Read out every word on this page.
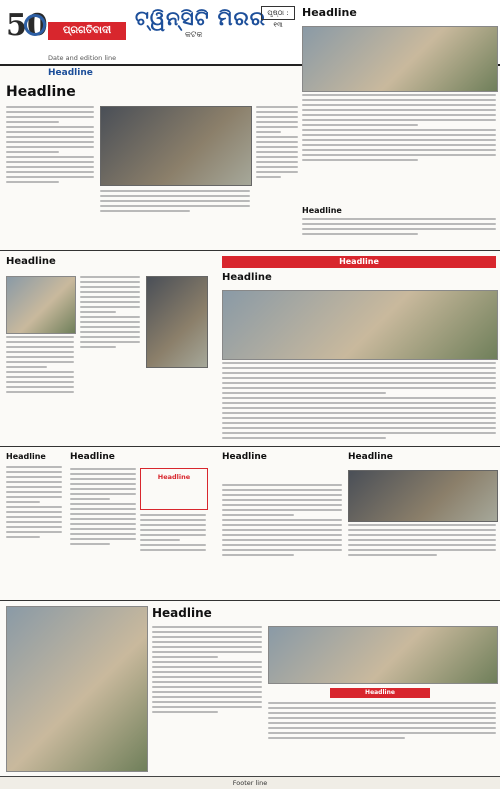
50	ପ୍ରଗତିବାଦୀ
ଟ୍ୱିନ୍‌ସିଟି ମିରର
କଟକ
ପୃଷ୍ଠା : ୧୩
Date and edition line
Headline
Headline
Headline
Headline
Headline	Headline
Headline
Headline	Headline
Headline
Headline	Headline
Headline
Headline
Footer line
